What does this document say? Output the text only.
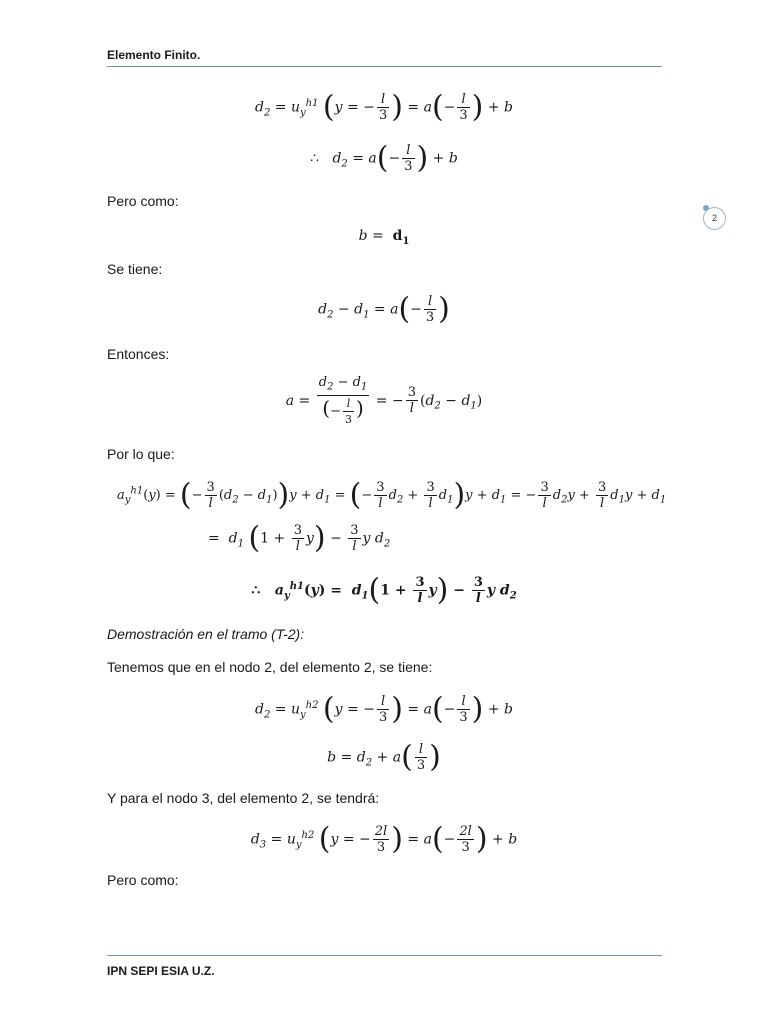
Elemento Finito.
2
$d_2 = u_y^{h1}$ (y = − $\frac{l}{3}$ ) = $a(- \frac{l}{3}$ ) + b
∴ $d_2 = a(- \frac{l}{3}$ ) + b
Pero como:
$b = d_1$
Se tiene:
$d_2 - d_1 = a(- \frac{l}{3}$ )
Entonces:
$a = \frac{d_2 - d_1}{(- \frac{l}{3} )}$ = − $\frac{3}{l} (d_2 - d_1)$
Por lo que:
$a_y^{h1}(y)$ = (− $\frac{3}{l} (d_2 - d_1))y + d_1$ = (− $\frac{3}{l} d_2 + \frac{3}{l} d_1)y + d_1$ = − $\frac{3}{l} d_2y + \frac{3}{l} d_1y + d_1$
=  $d_1$ $(1 + \frac{3}{l} y) - \frac{3}{l}$ y $d_2$
∴ $a_y^{h1}(y) = d_1(1 + \frac{3}{l} y) - \frac{3}{l}$ y $d_2$
Demostración en el tramo (T-2):
Tenemos que en el nodo 2, del elemento 2, se tiene:
$d_2 = u_y^{h2}$ (y = − $\frac{l}{3}$ ) = $a(- \frac{l}{3}$ ) + b
$b = d_2 + a( \frac{l}{3}$ )
Y para el nodo 3, del elemento 2, se tendrá:
$d_3 = u_y^{h2}$ (y = − $\frac{2l}{3}$ ) = $a(- \frac{2l}{3}$ ) + b
Pero como:
IPN SEPI ESIA U.Z.
